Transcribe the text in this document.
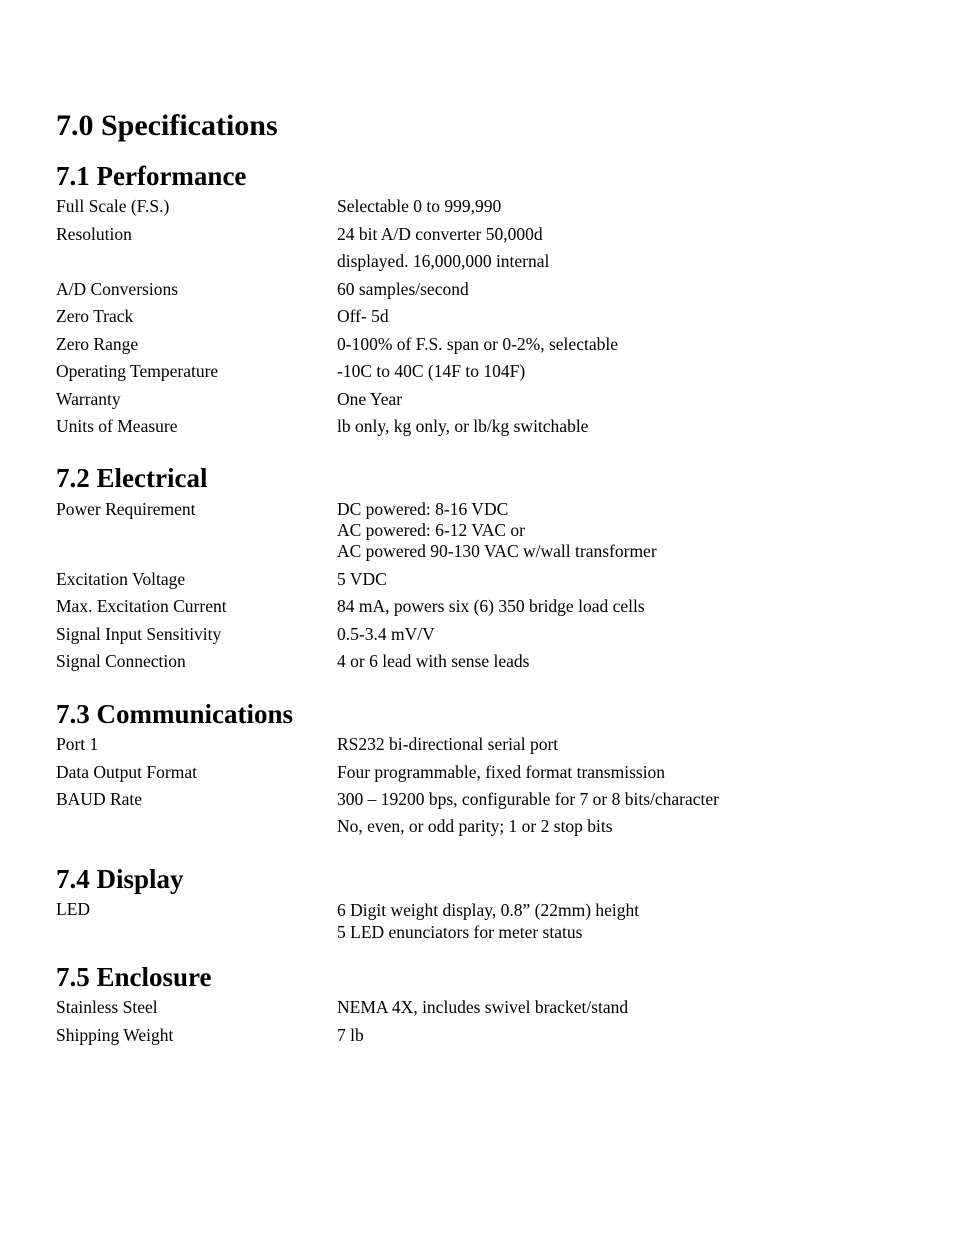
7.0 Specifications
7.1 Performance
Full Scale (F.S.)	Selectable 0 to 999,990
Resolution	24 bit A/D converter 50,000d
displayed. 16,000,000 internal
A/D Conversions	60 samples/second
Zero Track	Off- 5d
Zero Range	0-100% of F.S. span or 0-2%, selectable
Operating Temperature	-10C to 40C (14F to 104F)
Warranty	One Year
Units of Measure	lb only, kg only, or lb/kg switchable
7.2 Electrical
Power Requirement	DC powered: 8-16 VDC
AC powered: 6-12 VAC or
AC powered 90-130 VAC w/wall transformer
Excitation Voltage	5 VDC
Max. Excitation Current	84 mA, powers six (6) 350 bridge load cells
Signal Input Sensitivity	0.5-3.4 mV/V
Signal Connection	4 or 6 lead with sense leads
7.3 Communications
Port 1	RS232 bi-directional serial port
Data Output Format	Four programmable, fixed format transmission
BAUD Rate	300 – 19200 bps, configurable for 7 or 8 bits/character
No, even, or odd parity; 1 or 2 stop bits
7.4 Display
LED	6 Digit weight display, 0.8” (22mm) height
5 LED enunciators for meter status
7.5 Enclosure
Stainless Steel	NEMA 4X, includes swivel bracket/stand
Shipping Weight	7 lb
